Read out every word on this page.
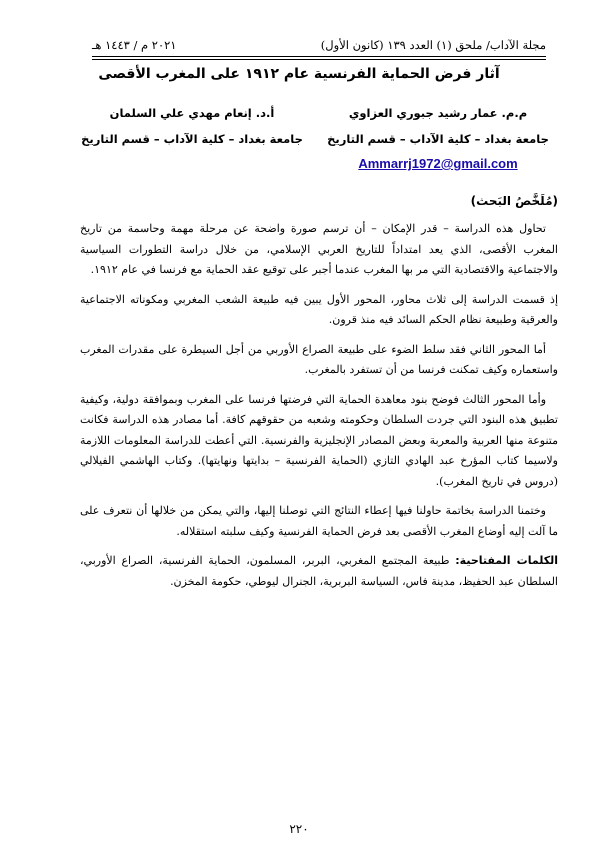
مجلة الآداب/ ملحق (١) العدد ١٣٩ (كانون الأول)
٢٠٢١ م / ١٤٤٣ هـ
آثار فرض الحماية الفرنسية عام ١٩١٢ على المغرب الأقصى
م.م. عمار رشيد جبوري العزاوي
جامعة بغداد – كلية الآداب – قسم التاريخ
أ.د. إنعام مهدي علي السلمان
جامعة بغداد – كلية الآداب – قسم التاريخ
Ammarrj1972@gmail.com
(مُلَخَّصُ البَحث)

تحاول هذه الدراسة – قدر الإمكان – أن ترسم صورة واضحة عن مرحلة مهمة وحاسمة من تاريخ المغرب الأقصى، الذي يعد امتداداً للتاريخ العربي الإسلامي، من خلال دراسة التطورات السياسية والاجتماعية والاقتصادية التي مر بها المغرب عندما أجبر على توقيع عقد الحماية مع فرنسا في عام ١٩١٢.

إذ قسمت الدراسة إلى ثلاث محاور، المحور الأول يبين فيه طبيعة الشعب المغربي ومكوناته الاجتماعية والعرقية وطبيعة نظام الحكم السائد فيه منذ قرون.

أما المحور الثاني فقد سلط الضوء على طبيعة الصراع الأوربي من أجل السيطرة على مقدرات المغرب واستعماره وكيف تمكنت فرنسا من أن تستفرد بالمغرب.

وأما المحور الثالث فوضح بنود معاهدة الحماية التي فرضتها فرنسا على المغرب وبموافقة دولية، وكيفية تطبيق هذه البنود التي جردت السلطان وحكومته وشعبه من حقوقهم كافة. أما مصادر هذه الدراسة فكانت متنوعة منها العربية والمعربة وبعض المصادر الإنجليزية والفرنسية. التي أعطت للدراسة المعلومات اللازمة ولاسيما كتاب المؤرخ عبد الهادي التازي (الحماية الفرنسية – بدايتها ونهايتها). وكتاب الهاشمي الفيلالي (دروس في تاريخ المغرب).

وختمنا الدراسة بخاتمة حاولنا فيها إعطاء النتائج التي توصلنا إليها، والتي يمكن من خلالها أن نتعرف على ما آلت إليه أوضاع المغرب الأقصى بعد فرض الحماية الفرنسية وكيف سلبته استقلاله.

الكلمات المفتاحية: طبيعة المجتمع المغربي، البربر، المسلمون، الحماية الفرنسية، الصراع الأوربي، السلطان عبد الحفيظ، مدينة فاس، السياسة البربرية، الجنرال ليوطي، حكومة المخزن.

٢٢٠
